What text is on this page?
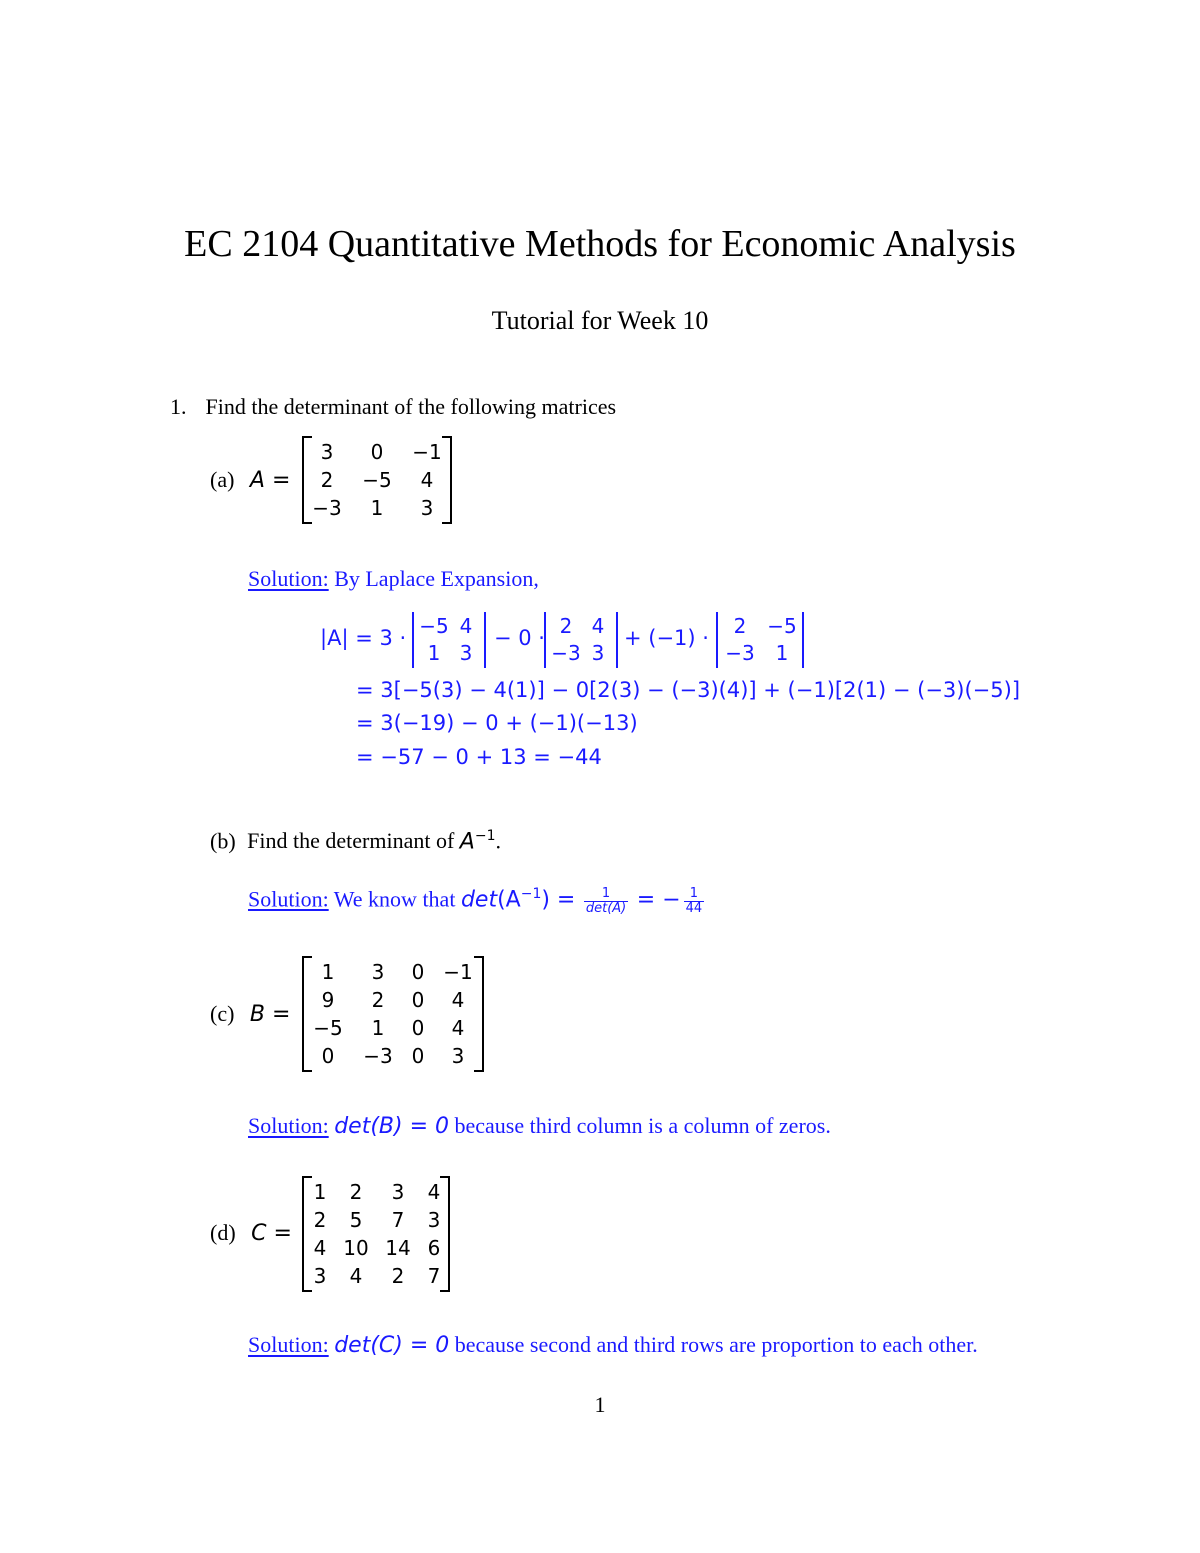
EC 2104 Quantitative Methods for Economic Analysis
Tutorial for Week 10
1. Find the determinant of the following matrices
(a) A =
3	0	−1
2	−5	4
−3	1	3
Solution: By Laplace Expansion,
|A| = 3 · −5 4
1 3
− 0 · 2 4
−3 3
+ (−1) ·	2	−5
−3	1
= 3[−5(3) − 4(1)] − 0[2(3) − (−3)(4)] + (−1)[2(1) − (−3)(−5)]
= 3(−19) − 0 + (−1)(−13)
= −57 − 0 + 13 = −44
(b) Find the determinant of $A^{-1}$.
Solution: We know that $\det(A^{-1}) = \frac{1}{\det(A)}$ = − $\frac{1}{44}$
(c) B =
1	3	0 −1
9	2	0	4
−5	1	0	4
0	−3 0	3
Solution: det(B) = 0 because third column is a column of zeros.
(d) C =
1	2	3	4
2	5	7	3
4 10 14 6
3	4	2	7
Solution: det(C) = 0 because second and third rows are proportion to each other.
1
